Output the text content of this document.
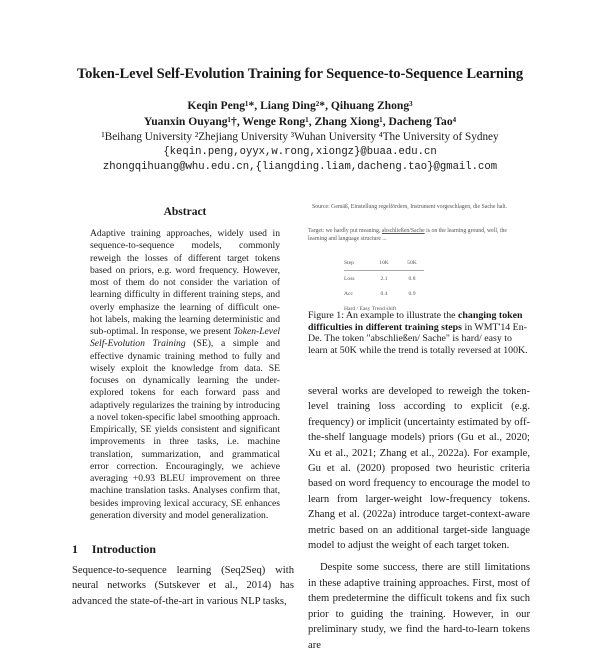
Token-Level Self-Evolution Training for Sequence-to-Sequence Learning
Keqin Peng¹*, Liang Ding²*, Qihuang Zhong³
Yuanxin Ouyang¹†, Wenge Rong¹, Zhang Xiong¹, Dacheng Tao⁴
¹Beihang University ²Zhejiang University ³Wuhan University ⁴The University of Sydney
{keqin.peng,oyyx,w.rong,xiongz}@buaa.edu.cn
zhongqihuang@whu.edu.cn,{liangding.liam,dacheng.tao}@gmail.com
Abstract
Adaptive training approaches, widely used in sequence-to-sequence models, commonly reweigh the losses of different target tokens based on priors, e.g. word frequency. However, most of them do not consider the variation of learning difficulty in different training steps, and overly emphasize the learning of difficult one-hot labels, making the learning deterministic and sub-optimal. In response, we present Token-Level Self-Evolution Training (SE), a simple and effective dynamic training method to fully and wisely exploit the knowledge from data. SE focuses on dynamically learning the under-explored tokens for each forward pass and adaptively regularizes the training by introducing a novel token-specific label smoothing approach. Empirically, SE yields consistent and significant improvements in three tasks, i.e. machine translation, summarization, and grammatical error correction. Encouragingly, we achieve averaging +0.93 BLEU improvement on three machine translation tasks. Analyses confirm that, besides improving lexical accuracy, SE enhances generation diversity and model generalization.
1 Introduction
Sequence-to-sequence learning (Seq2Seq) with neural networks (Sutskever et al., 2014) has advanced the state-of-the-art in various NLP tasks,
Source: Gemäß, Einstellung regelfördern, Instrument vorgeschlagen, die Sache halt.
Target: we hardly put meaning, abschließen/Sache is on the learning ground, well, the learning and language structure ...
Step	10K	50K
Loss	2.1	0.8
Acc	0.4	0.9
Hard / Easy Trend shift
Figure 1: An example to illustrate the changing token difficulties in different training steps in WMT'14 En-De. The token "abschließen/ Sache" is hard/ easy to learn at 50K while the trend is totally reversed at 100K.

several works are developed to reweigh the token-level training loss according to explicit (e.g. frequency) or implicit (uncertainty estimated by off-the-shelf language models) priors (Gu et al., 2020; Xu et al., 2021; Zhang et al., 2022a). For example, Gu et al. (2020) proposed two heuristic criteria based on word frequency to encourage the model to learn from larger-weight low-frequency tokens. Zhang et al. (2022a) introduce target-context-aware metric based on an additional target-side language model to adjust the weight of each target token.

Despite some success, there are still limitations in these adaptive training approaches. First, most of them predetermine the difficult tokens and fix such prior to guiding the training. However, in our preliminary study, we find the hard-to-learn tokens are
